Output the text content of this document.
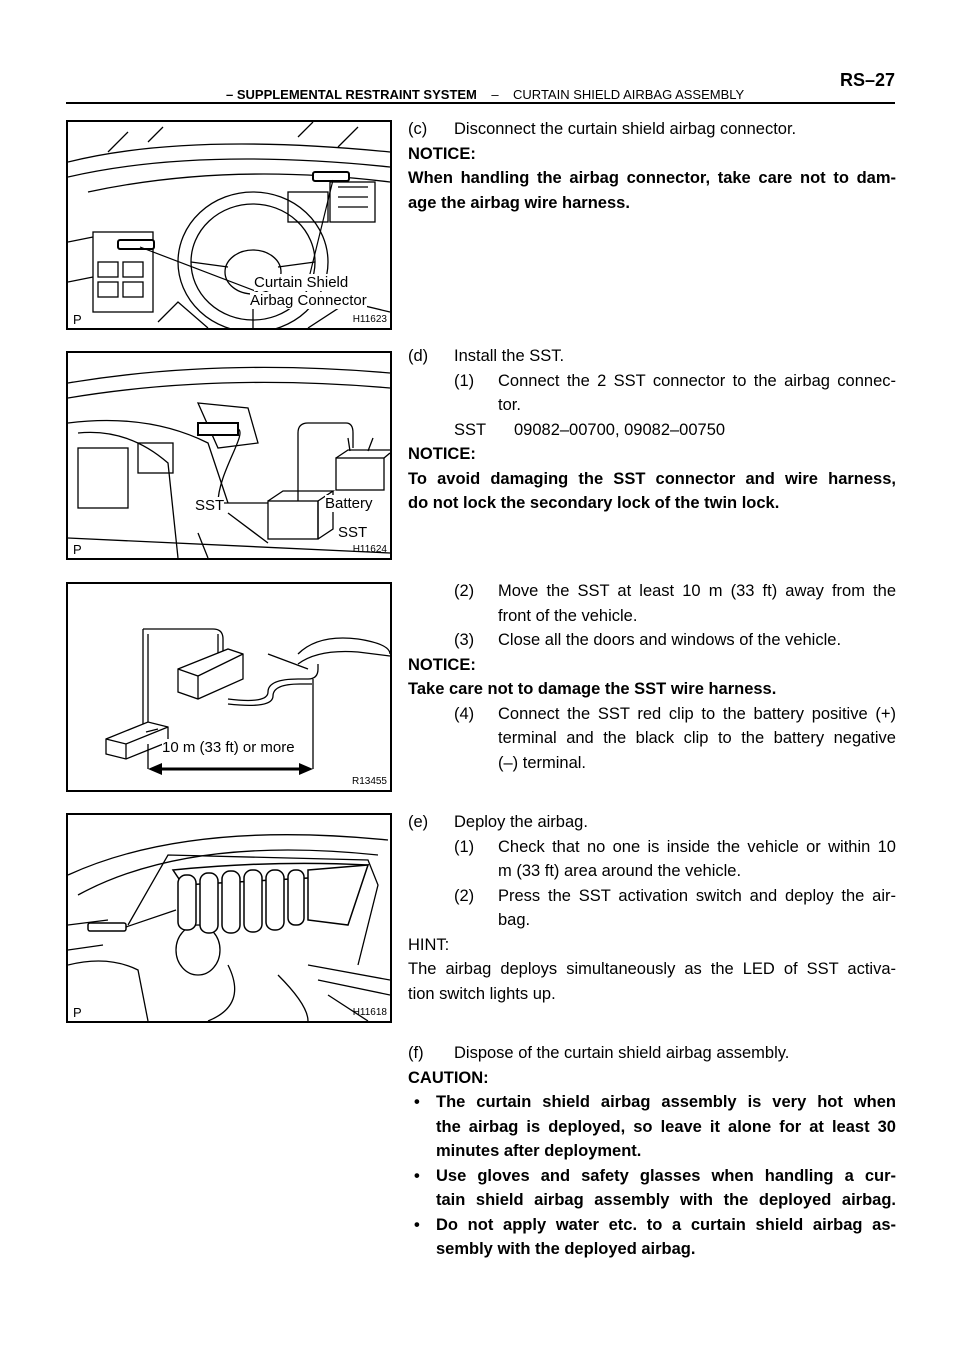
– SUPPLEMENTAL RESTRAINT SYSTEM – CURTAIN SHIELD AIRBAG ASSEMBLY
RS–27
Curtain Shield
Airbag Connector
P	H11623
SST	Battery
SST
P	H11624
10 m (33 ft) or more
R13455
P	H11618
(c) Disconnect the curtain shield airbag connector.
NOTICE:
When handling the airbag connector, take care not to dam-
age the airbag wire harness.
(d) Install the SST.
(1) Connect the 2 SST connector to the airbag connec-
tor.
SST 09082–00700, 09082–00750
NOTICE:
To avoid damaging the SST connector and wire harness,
do not lock the secondary lock of the twin lock.
(2) Move the SST at least 10 m (33 ft) away from the
front of the vehicle.
(3) Close all the doors and windows of the vehicle.
NOTICE:
Take care not to damage the SST wire harness.
(4) Connect the SST red clip to the battery positive (+)
terminal and the black clip to the battery negative
(–) terminal.
(e) Deploy the airbag.
(1) Check that no one is inside the vehicle or within 10
m (33 ft) area around the vehicle.
(2) Press the SST activation switch and deploy the air-
bag.
HINT:
The airbag deploys simultaneously as the LED of SST activa-
tion switch lights up.
(f) Dispose of the curtain shield airbag assembly.
CAUTION:
• The curtain shield airbag assembly is very hot when
the airbag is deployed, so leave it alone for at least 30
minutes after deployment.
• Use gloves and safety glasses when handling a cur-
tain shield airbag assembly with the deployed airbag.
• Do not apply water etc. to a curtain shield airbag as-
sembly with the deployed airbag.
